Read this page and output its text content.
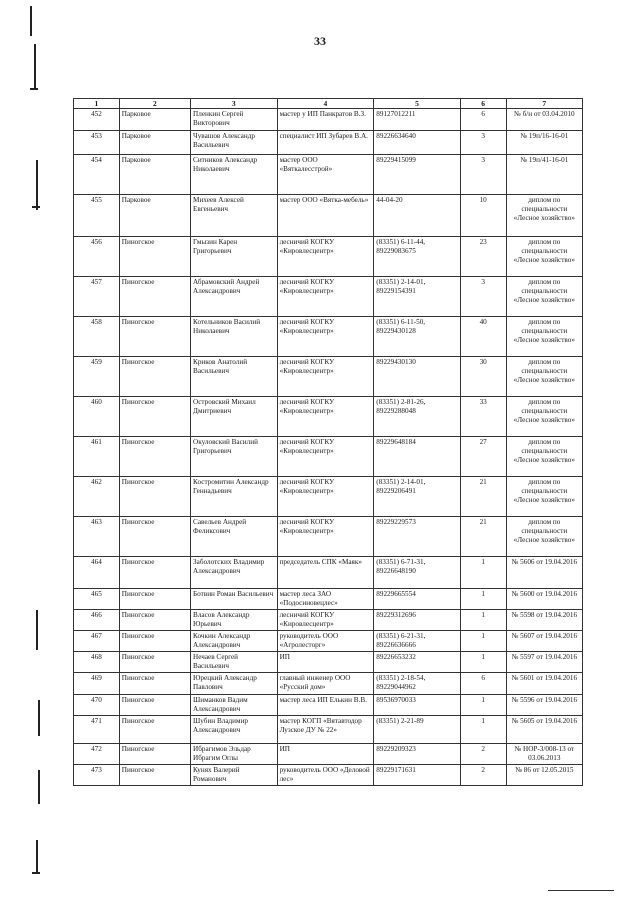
33
1	2	3	4	5	6	7
452	Парковое	Пленкин Сергей Викторович	мастер у ИП Панкратов В.З.	89127012211	6	№ б/н от 03.04.2010
453	Парковое	Чувашов Александр Васильевич	специалист ИП Зубарев В.А.	89226634640	3	№ 19п/16-16-01
454	Парковое	Ситников Александр Николаевич	мастер ООО «Вяткалесстрой»	89229415099	3	№ 19п/41-16-01
455	Парковое	Михеев Алексей Евгеньевич	мастер ООО «Вятка-мебель»	44-04-20	10	диплом по специальности «Лесное хозяйство»
456	Пиногское	Гмызин Карен Григорьевич	лесничий КОГКУ «Кировлесцентр»	(83351) 6-11-44, 89229083675	23	диплом по специальности «Лесное хозяйство»
457	Пиногское	Абрамовский Андрей Александрович	лесничий КОГКУ «Кировлесцентр»	(83351) 2-14-01, 89229154391	3	диплом по специальности «Лесное хозяйство»
458	Пиногское	Котельников Василий Николаевич	лесничий КОГКУ «Кировлесцентр»	(83351) 6-11-50, 89229430128	40	диплом по специальности «Лесное хозяйство»
459	Пиногское	Криков Анатолий Васильевич	лесничий КОГКУ «Кировлесцентр»	89229430130	30	диплом по специальности «Лесное хозяйство»
460	Пиногское	Островский Михаил Дмитриевич	лесничий КОГКУ «Кировлесцентр»	(83351) 2-81-26, 89229288048	33	диплом по специальности «Лесное хозяйство»
461	Пиногское	Окуловский Василий Григорьевич	лесничий КОГКУ «Кировлесцентр»	89229648184	27	диплом по специальности «Лесное хозяйство»
462	Пиногское	Костромитин Александр Геннадьевич	лесничий КОГКУ «Кировлесцентр»	(83351) 2-14-01, 89229206491	21	диплом по специальности «Лесное хозяйство»
463	Пиногское	Савельев Андрей Феликсович	лесничий КОГКУ «Кировлесцентр»	89229229573	21	диплом по специальности «Лесное хозяйство»
464	Пиногское	Заболотских Владимир Александрович	председатель СПК «Маяк»	(83351) 6-71-31, 89226648190	1	№ 5606 от 19.04.2016
465	Пиногское	Ботвин Роман Васильевич	мастер леса ЗАО «Подосиновецлес»	89229665554	1	№ 5600 от 19.04.2016
466	Пиногское	Власов Александр Юрьевич	лесничий КОГКУ «Кировлесцентр»	89229312696	1	№ 5598 от 19.04.2016
467	Пиногское	Кочкин Александр Александрович	руководитель ООО «Агролесторг»	(83351) 6-21-31, 89226636666	1	№ 5607 от 19.04.2016
468	Пиногское	Нечаев Сергей Васильевич	ИП	89226653232	1	№ 5597 от 19.04.2016
469	Пиногское	Юрецкий Александр Павлович	главный инженер ООО «Русский дом»	(83351) 2-18-54, 89229044962	6	№ 5601 от 19.04.2016
470	Пиногское	Шиманков Вадим Александрович	мастер леса ИП Елькин В.В.	89536970033	1	№ 5596 от 19.04.2016
471	Пиногское	Шубин Владимир Александрович	мастер КОГП «Вятавтодор Лузское ДУ № 22»	(83351) 2-21-89	1	№ 5605 от 19.04.2016
472	Пиногское	Ибрагимов Эльдар Ибрагим Оглы	ИП	89229209323	2	№ НОР-3/008-13 от 03.06.2013
473	Пиногское	Кунях Валерий Романович	руководитель ООО «Деловой лес»	89229171631	2	№ 86 от 12.05.2015
